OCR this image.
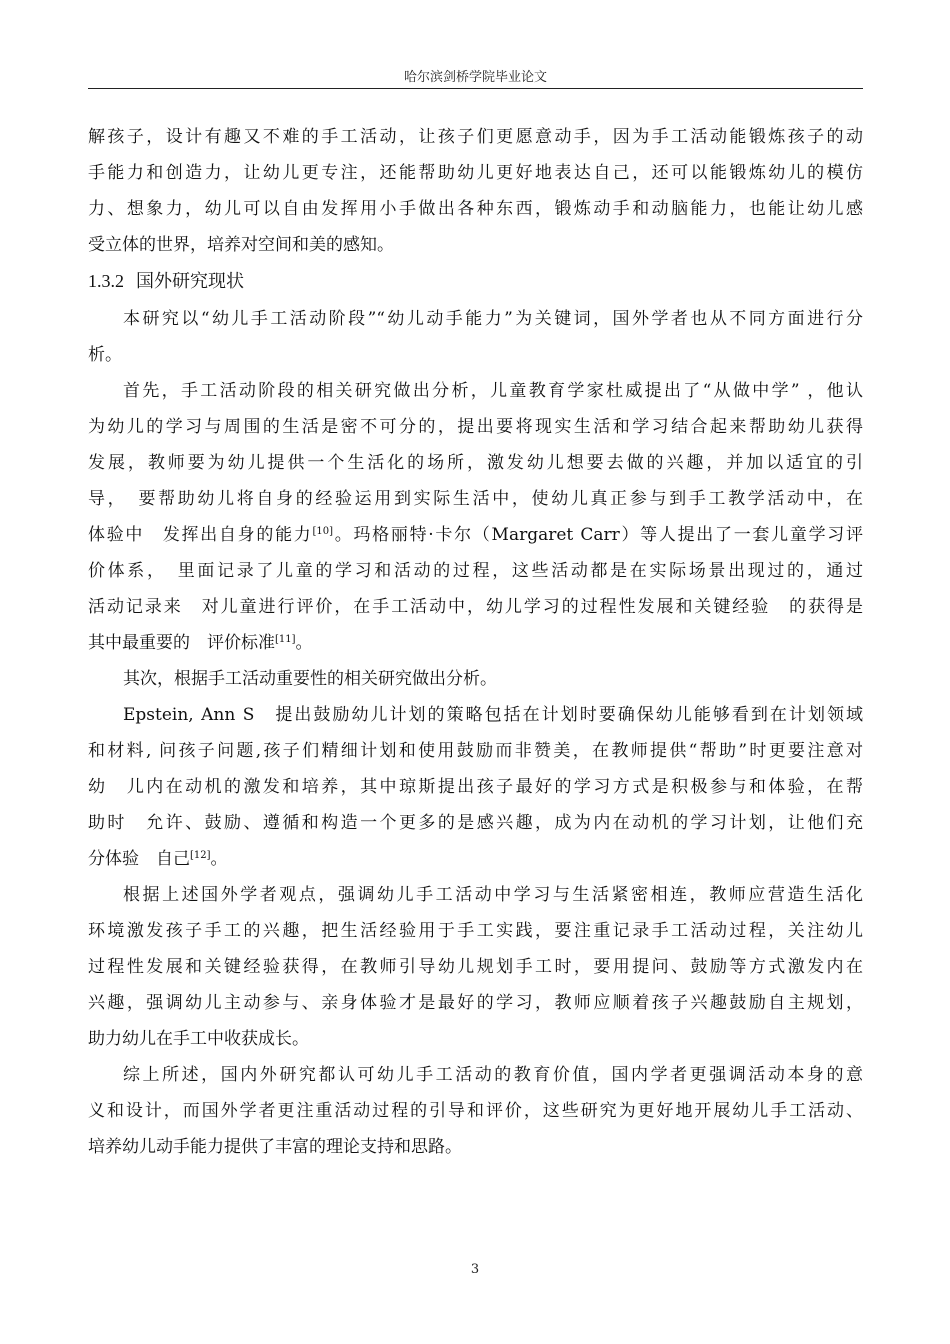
哈尔滨剑桥学院毕业论文
解孩子，设计有趣又不难的手工活动，让孩子们更愿意动手，因为手工活动能锻炼孩子的动
手能力和创造力，让幼儿更专注，还能帮助幼儿更好地表达自己，还可以能锻炼幼儿的模仿
力、想象力，幼儿可以自由发挥用小手做出各种东西，锻炼动手和动脑能力，也能让幼儿感
受立体的世界，培养对空间和美的感知。
1.3.2 国外研究现状
本研究以“幼儿手工活动阶段”“幼儿动手能力”为关键词，国外学者也从不同方面进行分
析。
首先，手工活动阶段的相关研究做出分析，儿童教育学家杜威提出了“从做中学” ，他认
为幼儿的学习与周围的生活是密不可分的，提出要将现实生活和学习结合起来帮助幼儿获得
发展，教师要为幼儿提供一个生活化的场所，激发幼儿想要去做的兴趣，并加以适宜的引
导，　要帮助幼儿将自身的经验运用到实际生活中，使幼儿真正参与到手工教学活动中，在
体验中　发挥出自身的能力[10]。玛格丽特·卡尔（Margaret Carr）等人提出了一套儿童学习评
价体系，　里面记录了儿童的学习和活动的过程，这些活动都是在实际场景出现过的，通过
活动记录来　对儿童进行评价，在手工活动中，幼儿学习的过程性发展和关键经验　的获得是
其中最重要的　评价标准[11]。
其次，根据手工活动重要性的相关研究做出分析。
Epstein, Ann S　提出鼓励幼儿计划的策略包括在计划时要确保幼儿能够看到在计划领域
和材料, 问孩子问题,孩子们精细计划和使用鼓励而非赞美，在教师提供“帮助”时更要注意对
幼　儿内在动机的激发和培养，其中琼斯提出孩子最好的学习方式是积极参与和体验，在帮
助时　允许、鼓励、遵循和构造一个更多的是感兴趣，成为内在动机的学习计划，让他们充
分体验　自己[12]。
根据上述国外学者观点，强调幼儿手工活动中学习与生活紧密相连，教师应营造生活化
环境激发孩子手工的兴趣，把生活经验用于手工实践，要注重记录手工活动过程，关注幼儿
过程性发展和关键经验获得，在教师引导幼儿规划手工时，要用提问、鼓励等方式激发内在
兴趣，强调幼儿主动参与、亲身体验才是最好的学习，教师应顺着孩子兴趣鼓励自主规划，
助力幼儿在手工中收获成长。
综上所述，国内外研究都认可幼儿手工活动的教育价值，国内学者更强调活动本身的意
义和设计，而国外学者更注重活动过程的引导和评价，这些研究为更好地开展幼儿手工活动、
培养幼儿动手能力提供了丰富的理论支持和思路。
3
